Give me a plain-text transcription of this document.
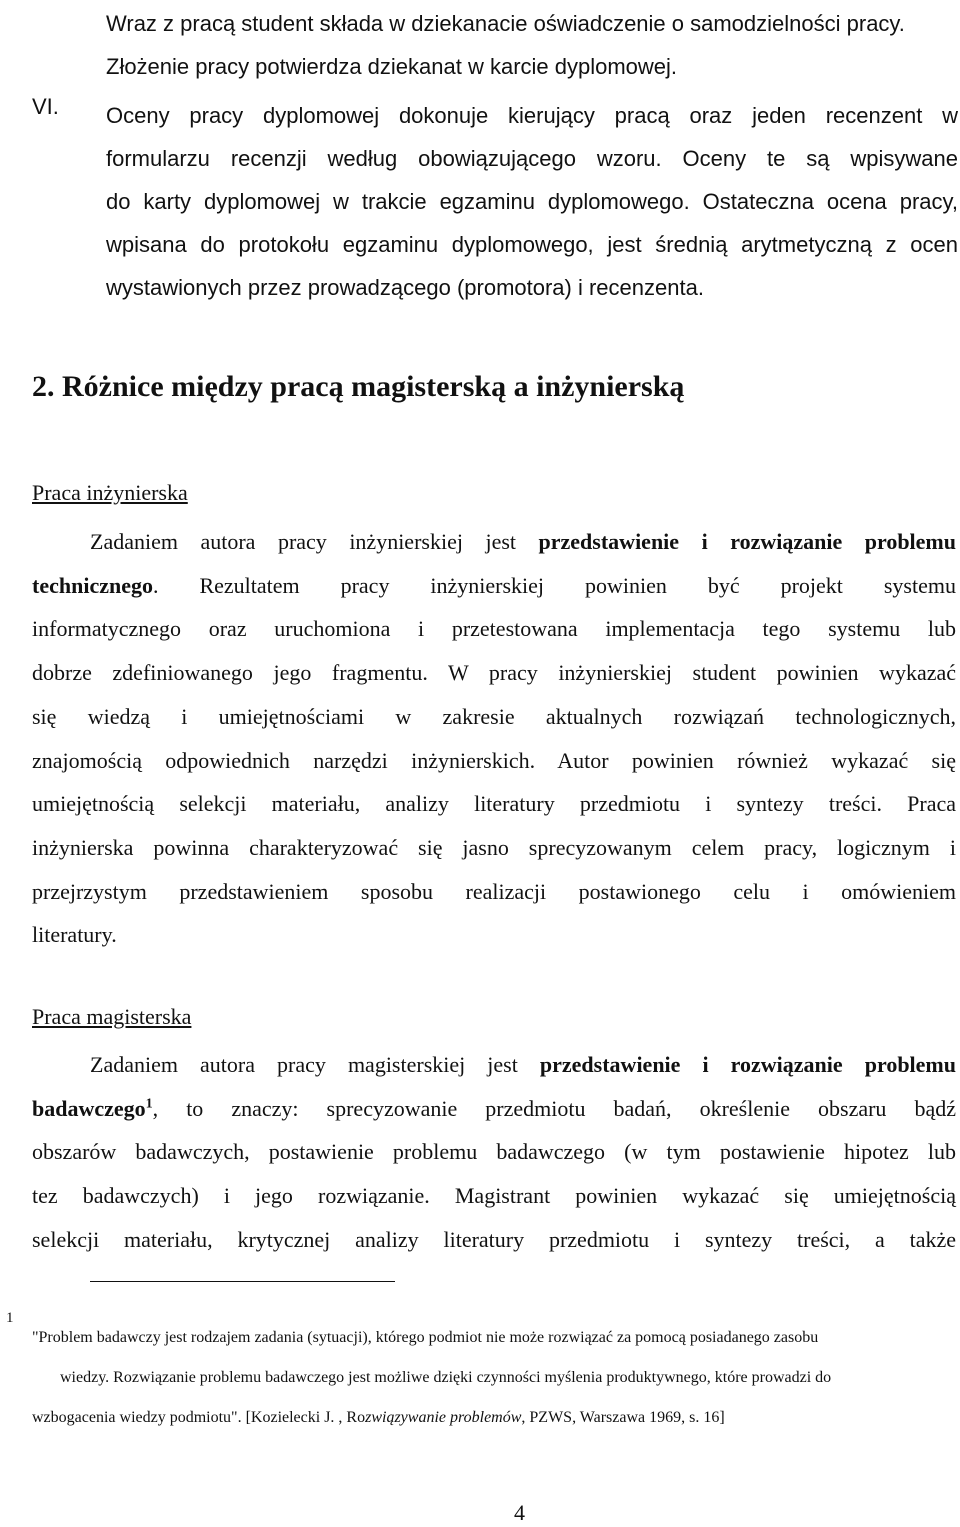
Wraz z pracą student składa w dziekanacie oświadczenie o samodzielności pracy.
Złożenie pracy potwierdza dziekanat w karcie dyplomowej.
VI. Oceny pracy dyplomowej dokonuje kierujący pracą oraz jeden recenzent w
formularzu recenzji według obowiązującego wzoru. Oceny te są wpisywane
do karty dyplomowej w trakcie egzaminu dyplomowego. Ostateczna ocena pracy,
wpisana do protokołu egzaminu dyplomowego, jest średnią arytmetyczną z ocen
wystawionych przez prowadzącego (promotora) i recenzenta.
2. Różnice między pracą magisterską a inżynierską
Praca inżynierska
Zadaniem autora pracy inżynierskiej jest przedstawienie i rozwiązanie problemu
technicznego. Rezultatem pracy inżynierskiej powinien być projekt systemu
informatycznego oraz uruchomiona i przetestowana implementacja tego systemu lub
dobrze zdefiniowanego jego fragmentu. W pracy inżynierskiej student powinien wykazać
się wiedzą i umiejętnościami w zakresie aktualnych rozwiązań technologicznych,
znajomością odpowiednich narzędzi inżynierskich. Autor powinien również wykazać się
umiejętnością selekcji materiału, analizy literatury przedmiotu i syntezy treści. Praca
inżynierska powinna charakteryzować się jasno sprecyzowanym celem pracy, logicznym i
przejrzystym przedstawieniem sposobu realizacji postawionego celu i omówieniem
literatury.
Praca magisterska
Zadaniem autora pracy magisterskiej jest przedstawienie i rozwiązanie problemu
badawczego$^1$, to znaczy: sprecyzowanie przedmiotu badań, określenie obszaru bądź
obszarów badawczych, postawienie problemu badawczego (w tym postawienie hipotez lub
tez badawczych) i jego rozwiązanie. Magistrant powinien wykazać się umiejętnością
selekcji materiału, krytycznej analizy literatury przedmiotu i syntezy treści, a także
1
"Problem badawczy jest rodzajem zadania (sytuacji), którego podmiot nie może rozwiązać za pomocą posiadanego zasobu
wiedzy. Rozwiązanie problemu badawczego jest możliwe dzięki czynności myślenia produktywnego, które prowadzi do
wzbogacenia wiedzy podmiotu". [Kozielecki J. , Rozwiązywanie problemów, PZWS, Warszawa 1969, s. 16]
4
